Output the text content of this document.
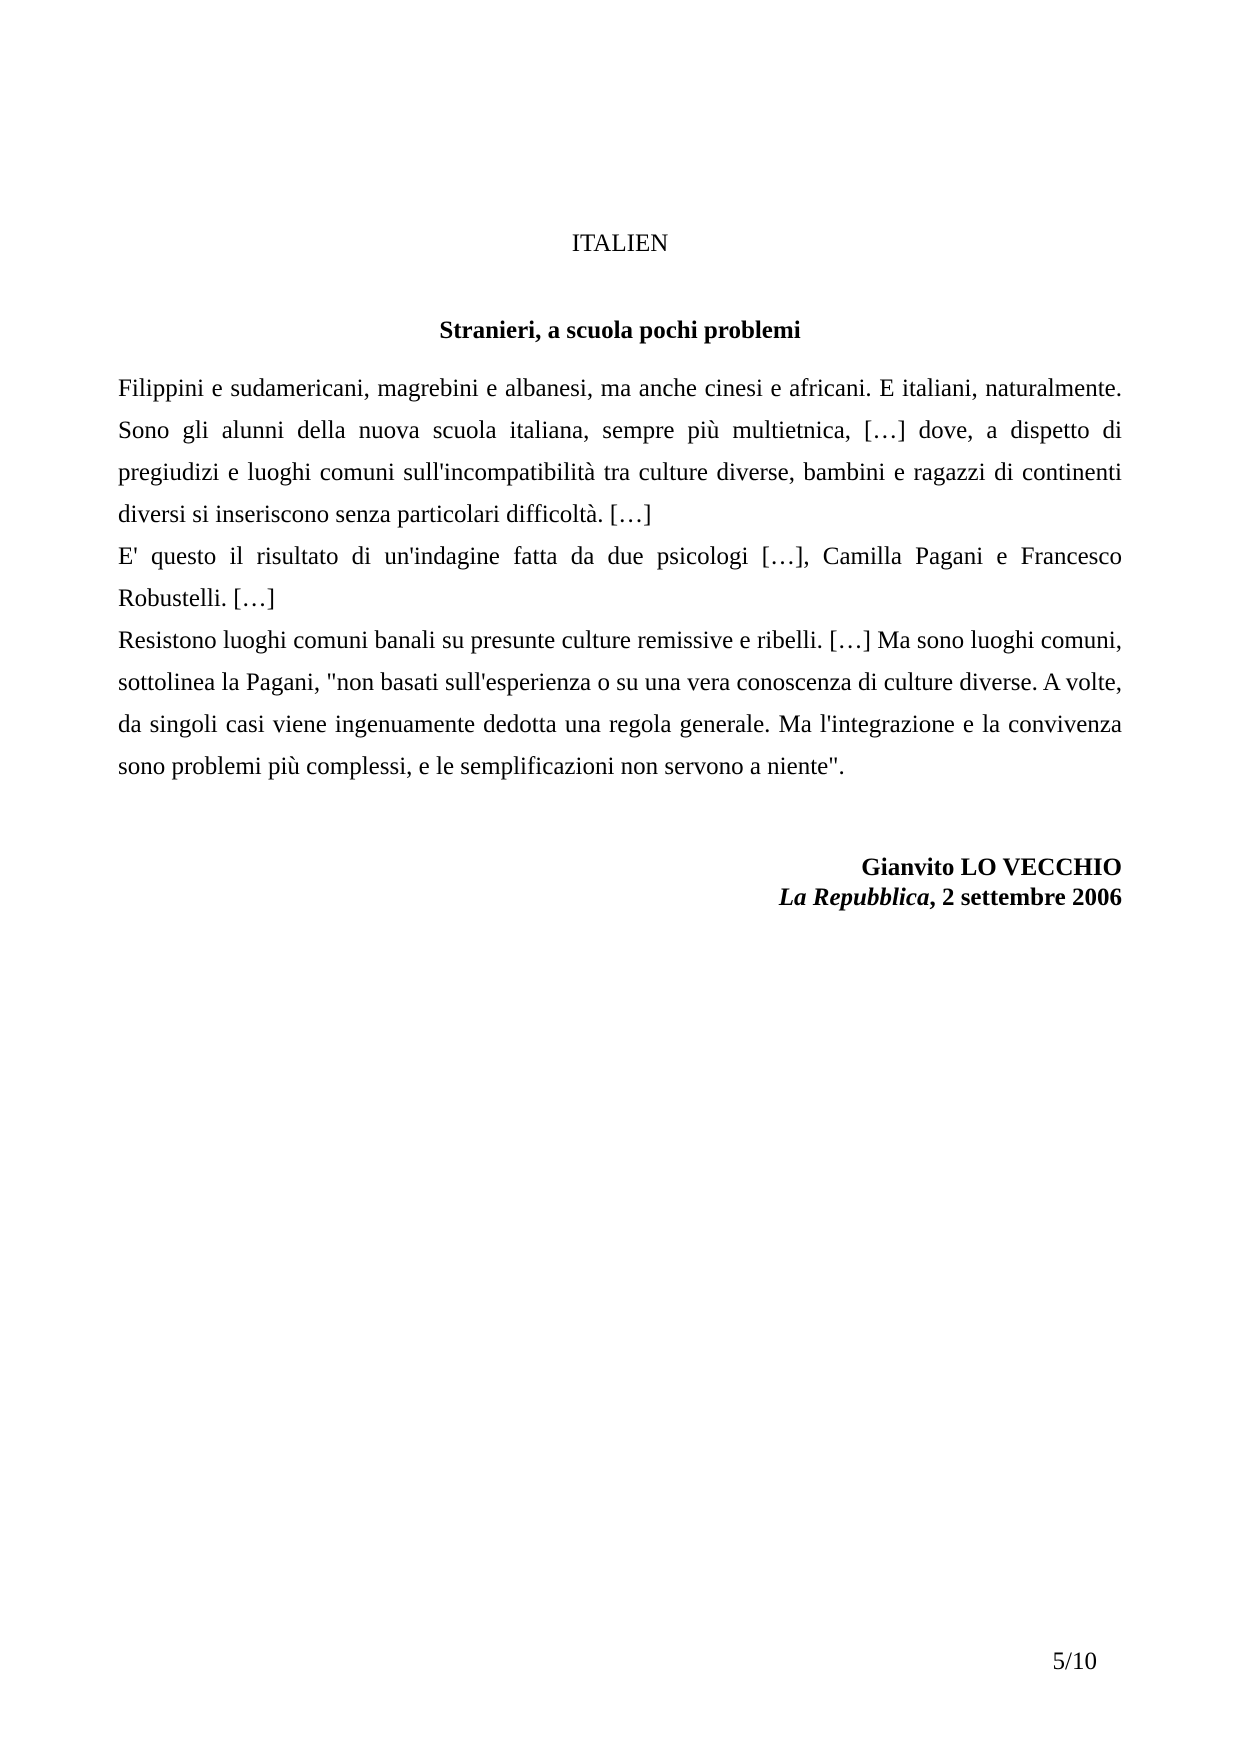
ITALIEN
Stranieri, a scuola pochi problemi

Filippini e sudamericani, magrebini e albanesi, ma anche cinesi e africani. E italiani, naturalmente. Sono gli alunni della nuova scuola italiana, sempre più multietnica, […] dove, a dispetto di pregiudizi e luoghi comuni sull'incompatibilità tra culture diverse, bambini e ragazzi di continenti diversi si inseriscono senza particolari difficoltà. […]

E' questo il risultato di un'indagine fatta da due psicologi […], Camilla Pagani e Francesco Robustelli. […]

Resistono luoghi comuni banali su presunte culture remissive e ribelli. […] Ma sono luoghi comuni, sottolinea la Pagani, "non basati sull'esperienza o su una vera conoscenza di culture diverse. A volte, da singoli casi viene ingenuamente dedotta una regola generale. Ma l'integrazione e la convivenza sono problemi più complessi, e le semplificazioni non servono a niente".

Gianvito LO VECCHIO
La Repubblica, 2 settembre 2006
5/10
